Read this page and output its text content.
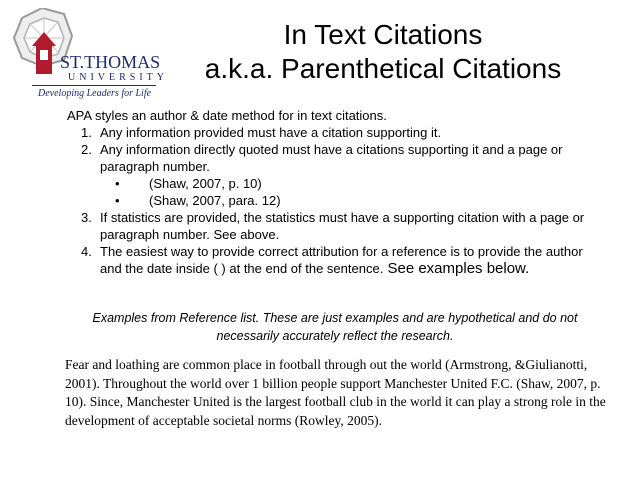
ST.THOMAS
UNIVERSITY
Developing Leaders for Life
In Text Citations
a.k.a. Parenthetical Citations
APA styles an author & date method for in text citations.
1. Any information provided must have a citation supporting it.
2. Any information directly quoted must have a citations supporting it and a page or paragraph number.
• (Shaw, 2007, p. 10)
• (Shaw, 2007, para. 12)
3. If statistics are provided, the statistics must have a supporting citation with a page or paragraph number. See above.
4. The easiest way to provide correct attribution for a reference is to provide the author and the date inside ( ) at the end of the sentence. See examples below.
Examples from Reference list. These are just examples and are hypothetical and do not necessarily accurately reflect the research.
Fear and loathing are common place in football through out the world (Armstrong, &Giulianotti, 2001). Throughout the world over 1 billion people support Manchester United F.C. (Shaw, 2007, p. 10). Since, Manchester United is the largest football club in the world it can play a strong role in the development of acceptable societal norms (Rowley, 2005).
